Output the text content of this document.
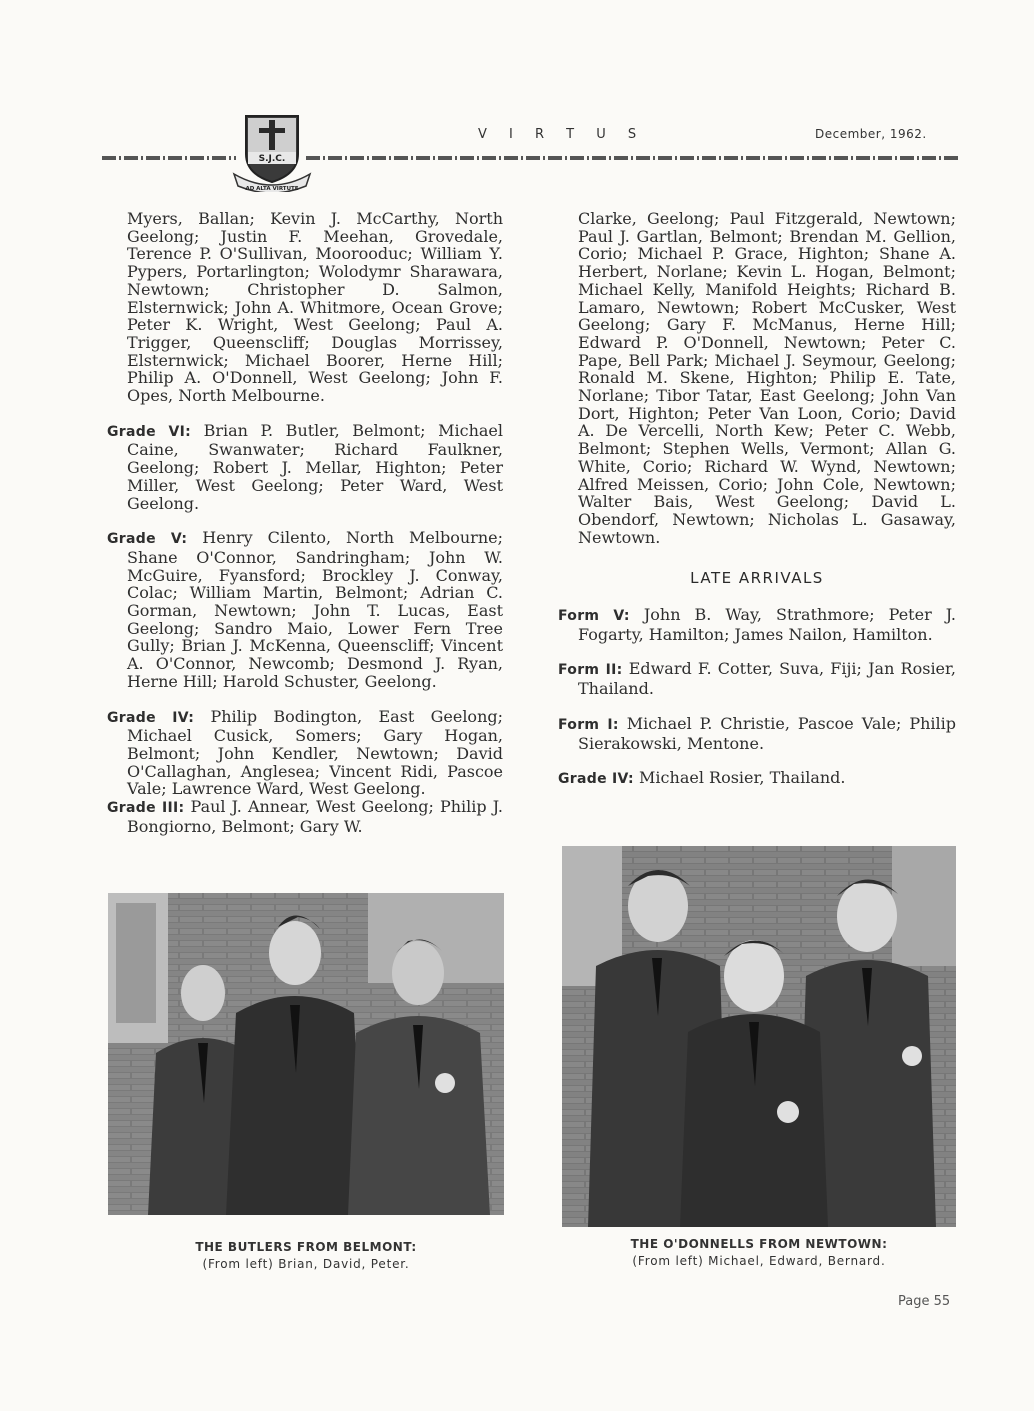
S.J.C.
AD ALTA VIRTUTE
V I R T U S	December, 1962.

Myers, Ballan; Kevin J. McCarthy, North Geelong; Justin F. Meehan, Grovedale, Terence P. O'Sullivan, Moorooduc; William Y. Pypers, Portarlington; Wolodymr Sharawara, Newtown; Christopher D. Salmon, Elsternwick; John A. Whitmore, Ocean Grove; Peter K. Wright, West Geelong; Paul A. Trigger, Queenscliff; Douglas Morrissey, Elsternwick; Michael Boorer, Herne Hill; Philip A. O'Donnell, West Geelong; John F. Opes, North Melbourne.

Grade VI: Brian P. Butler, Belmont; Michael Caine, Swanwater; Richard Faulkner, Geelong; Robert J. Mellar, Highton; Peter Miller, West Geelong; Peter Ward, West Geelong.

Grade V: Henry Cilento, North Melbourne; Shane O'Connor, Sandringham; John W. McGuire, Fyansford; Brockley J. Conway, Colac; William Martin, Belmont; Adrian C. Gorman, Newtown; John T. Lucas, East Geelong; Sandro Maio, Lower Fern Tree Gully; Brian J. McKenna, Queenscliff; Vincent A. O'Connor, Newcomb; Desmond J. Ryan, Herne Hill; Harold Schuster, Geelong.

Grade IV: Philip Bodington, East Geelong; Michael Cusick, Somers; Gary Hogan, Belmont; John Kendler, Newtown; David O'Callaghan, Anglesea; Vincent Ridi, Pascoe Vale; Lawrence Ward, West Geelong.

Grade III: Paul J. Annear, West Geelong; Philip J. Bongiorno, Belmont; Gary W.

Clarke, Geelong; Paul Fitzgerald, Newtown; Paul J. Gartlan, Belmont; Brendan M. Gellion, Corio; Michael P. Grace, Highton; Shane A. Herbert, Norlane; Kevin L. Hogan, Belmont; Michael Kelly, Manifold Heights; Richard B. Lamaro, Newtown; Robert McCusker, West Geelong; Gary F. McManus, Herne Hill; Edward P. O'Donnell, Newtown; Peter C. Pape, Bell Park; Michael J. Seymour, Geelong; Ronald M. Skene, Highton; Philip E. Tate, Norlane; Tibor Tatar, East Geelong; John Van Dort, Highton; Peter Van Loon, Corio; David A. De Vercelli, North Kew; Peter C. Webb, Belmont; Stephen Wells, Vermont; Allan G. White, Corio; Richard W. Wynd, Newtown; Alfred Meissen, Corio; John Cole, Newtown; Walter Bais, West Geelong; David L. Obendorf, Newtown; Nicholas L. Gasaway, Newtown.

LATE ARRIVALS

Form V: John B. Way, Strathmore; Peter J. Fogarty, Hamilton; James Nailon, Hamilton.

Form II: Edward F. Cotter, Suva, Fiji; Jan Rosier, Thailand.

Form I: Michael P. Christie, Pascoe Vale; Philip Sierakowski, Mentone.

Grade IV: Michael Rosier, Thailand.

THE BUTLERS FROM BELMONT:
(From left) Brian, David, Peter.
THE O'DONNELLS FROM NEWTOWN:
(From left) Michael, Edward, Bernard.
Page 55
